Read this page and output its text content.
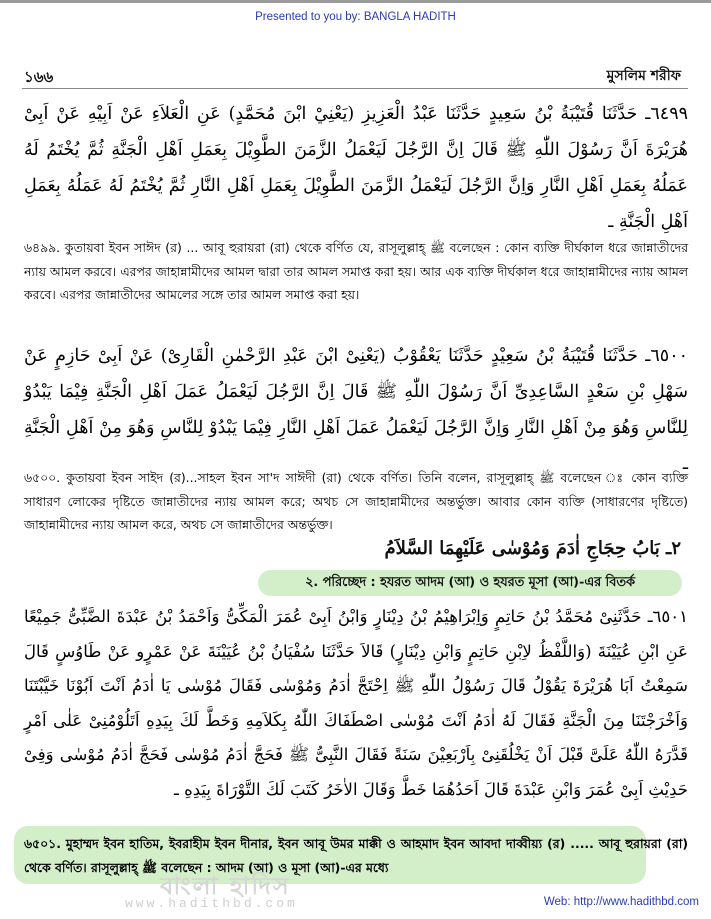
Presented to you by: BANGLA HADITH
১৬৬	মুসলিম শরীফ

٦٤٩٩ـ حَدَّثَنَا قُتَيْبَةُ بْنُ سَعِيدٍ حَدَّثَنَا عَبْدُ الْعَزِيزِ (يَعْنِيْ ابْنَ مُحَمَّدٍ) عَنِ الْعَلاَءِ عَنْ اَبِيْهِ عَنْ اَبِىْ هُرَيْرَةَ اَنَّ رَسُوْلَ اللّٰهِ ﷺ قَالَ اِنَّ الرَّجُلَ لَيَعْمَلُ الزَّمَنَ الطَّوِيْلَ بِعَمَلِ اَهْلِ الْجَنَّةِ ثُمَّ يُخْتَمُ لَهُ عَمَلُهُ بِعَمَلِ اَهْلِ النَّارِ وَاِنَّ الرَّجُلَ لَيَعْمَلُ الزَّمَنَ الطَّوِيْلَ بِعَمَلِ اَهْلِ النَّارِ ثُمَّ يُخْتَمُ لَهُ عَمَلُهُ بِعَمَلِ اَهْلِ الْجَنَّةِ ـ

৬৪৯৯. কুতায়বা ইবন সাঈদ (র) ... আবূ হুরায়রা (রা) থেকে বর্ণিত যে, রাসূলুল্লাহ্ ﷺ বলেছেন : কোন ব্যক্তি দীর্ঘকাল ধরে জান্নাতীদের ন্যায় আমল করবে। এরপর জাহান্নামীদের আমল দ্বারা তার আমল সমাপ্ত করা হয়। আর এক ব্যক্তি দীর্ঘকাল ধরে জাহান্নামীদের ন্যায় আমল করবে। এরপর জান্নাতীদের আমলের সঙ্গে তার আমল সমাপ্ত করা হয়।

٦٥٠٠ـ حَدَّثَنَا قُتَيْبَةُ بْنُ سَعِيْدٍ حَدَّثَنَا يَعْقُوْبُ (يَعْنِىْ ابْنَ عَبْدِ الرَّحْمٰنِ الْقَارِىْ) عَنْ اَبِىْ حَازِمٍ عَنْ سَهْلِ بْنِ سَعْدٍ السَّاعِدِىِّ اَنَّ رَسُوْلَ اللّٰهِ ﷺ قَالَ اِنَّ الرَّجُلَ لَيَعْمَلُ عَمَلَ اَهْلِ الْجَنَّةِ فِيْمَا يَبْدُوْ لِلنَّاسِ وَهُوَ مِنْ اَهْلِ النَّارِ وَاِنَّ الرَّجُلَ لَيَعْمَلُ عَمَلَ اَهْلِ النَّارِ فِيْمَا يَبْدُوْ لِلنَّاسِ وَهُوَ مِنْ اَهْلِ الْجَنَّةِ ـ

৬৫০০. কুতায়বা ইবন সাইদ (র)...সাহল ইবন সা'দ সাঈদী (রা) থেকে বর্ণিত। তিনি বলেন, রাসূলুল্লাহ্ ﷺ বলেছেন ঃ কোন ব্যক্তি সাধারণ লোকের দৃষ্টিতে জান্নাতীদের ন্যায় আমল করে; অথচ সে জাহান্নামীদের অন্তর্ভুক্ত। আবার কোন ব্যক্তি (সাধারণের দৃষ্টিতে) জাহান্নামীদের ন্যায় আমল করে, অথচ সে জান্নাতীদের অন্তর্ভুক্ত।

٢ـ بَابُ حِجَاجِ اٰدَمَ وَمُوْسٰى عَلَيْهِمَا السَّلاَمُ
২. পরিচ্ছেদ : হযরত আদম (আ) ও হযরত মূসা (আ)-এর বিতর্ক

٦٥٠١ـ حَدَّثَنِىْ مُحَمَّدُ بْنُ حَاتِمٍ وَاِبْرَاهِيْمُ بْنُ دِيْنَارٍ وَابْنُ اَبِىْ عُمَرَ الْمَكِّىُّ وَاَحْمَدُ بْنُ عَبْدَةَ الضَّبِّىُّ جَمِيْعًا عَنِ ابْنِ عُيَيْنَةَ (وَاللَّفْظُ لاِبْنِ حَاتِمٍ وَابْنِ دِيْنَارٍ) قَالاَ حَدَّثَنَا سُفْيَانُ بْنُ عُيَيْنَةَ عَنْ عَمْرٍو عَنْ طَاوُسٍ قَالَ سَمِعْتُ اَبَا هُرَيْرَةَ يَقُوْلُ قَالَ رَسُوْلُ اللّٰهِ ﷺ اِحْتَجَّ اٰدَمُ وَمُوْسٰى فَقَالَ مُوْسٰى يَا اٰدَمُ اَنْتَ اَبُوْنَا خَيَّبْتَنَا وَاَخْرَجْتَنَا مِنَ الْجَنَّةِ فَقَالَ لَهُ اٰدَمُ اَنْتَ مُوْسٰى اصْطَفَاكَ اللّٰهُ بِكَلاَمِهِ وَخَطَّ لَكَ بِيَدِهِ اَتَلُوْمُنِىْ عَلٰى اَمْرٍ قَدَّرَهُ اللّٰهُ عَلَىَّ قَبْلَ اَنْ يَخْلُقَنِىْ بِاَرْبَعِيْنَ سَنَةً فَقَالَ النَّبِىُّ ﷺ فَحَجَّ اٰدَمُ مُوْسٰى فَحَجَّ اٰدَمُ مُوْسٰى وَفِىْ حَدِيْثِ اَبِىْ عُمَرَ وَابْنِ عَبْدَةَ قَالَ اَحَدُهُمَا خَطَّ وَقَالَ الاٰخَرُ كَتَبَ لَكَ التَّوْرَاةَ بِيَدِهِ ـ

৬৫০১. মুহাম্মদ ইবন হাতিম, ইবরাহীম ইবন দীনার, ইবন আবূ উমর মাক্কী ও আহমাদ ইবন আবদা দাব্বীয়্য (র) ..... আবূ হুরায়রা (রা) থেকে বর্ণিত। রাসূলুল্লাহ্ ﷺ বলেছেন : আদম (আ) ও মূসা (আ)-এর মধ্যে

বাংলা হাদিস
www.hadithbd.com	Web: http://www.hadithbd.com
